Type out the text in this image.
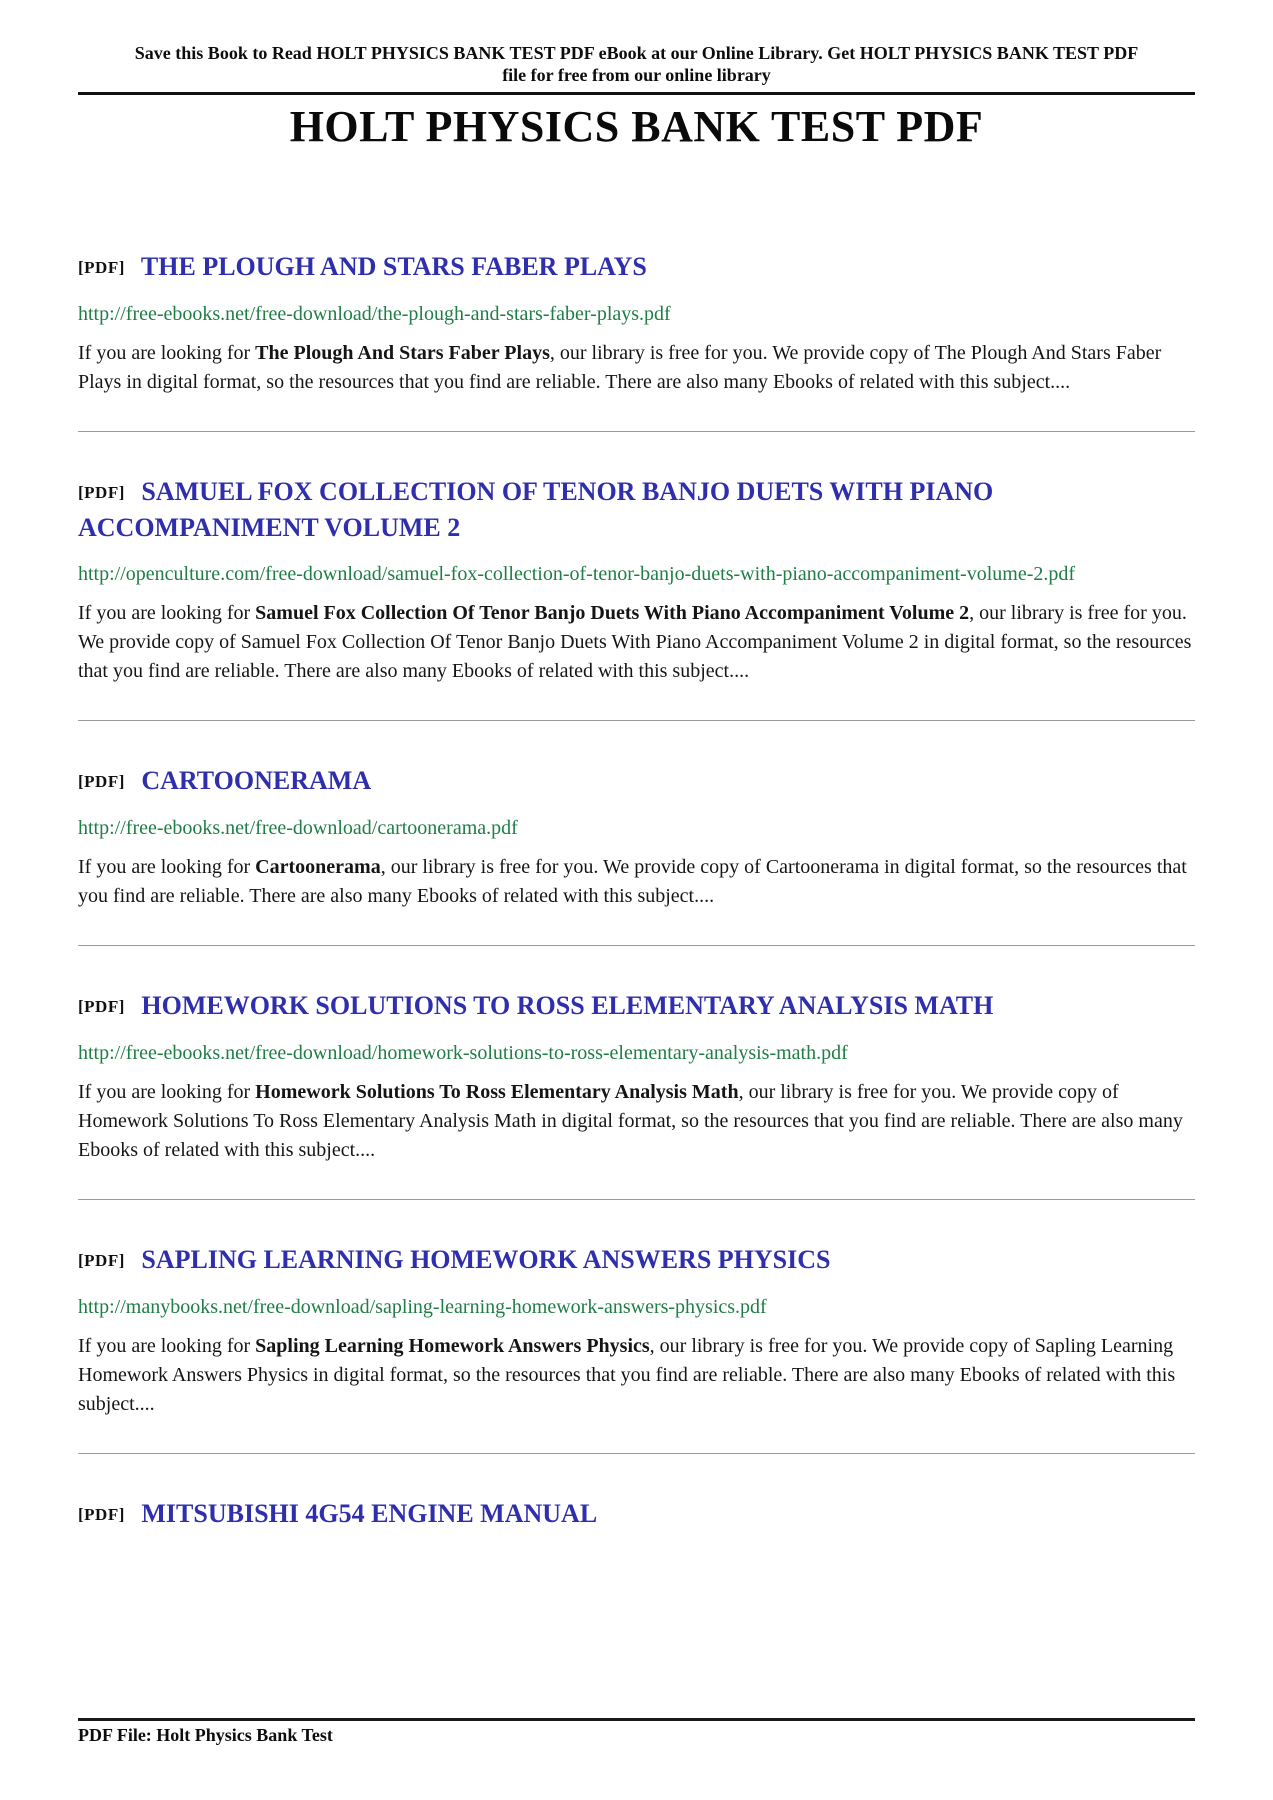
Save this Book to Read HOLT PHYSICS BANK TEST PDF eBook at our Online Library. Get HOLT PHYSICS BANK TEST PDF file for free from our online library
HOLT PHYSICS BANK TEST PDF
[PDF] THE PLOUGH AND STARS FABER PLAYS

http://free-ebooks.net/free-download/the-plough-and-stars-faber-plays.pdf

If you are looking for The Plough And Stars Faber Plays, our library is free for you. We provide copy of The Plough And Stars Faber Plays in digital format, so the resources that you find are reliable. There are also many Ebooks of related with this subject....

[PDF] SAMUEL FOX COLLECTION OF TENOR BANJO DUETS WITH PIANO ACCOMPANIMENT VOLUME 2

http://openculture.com/free-download/samuel-fox-collection-of-tenor-banjo-duets-with-piano-accompaniment-volume-2.pdf

If you are looking for Samuel Fox Collection Of Tenor Banjo Duets With Piano Accompaniment Volume 2, our library is free for you. We provide copy of Samuel Fox Collection Of Tenor Banjo Duets With Piano Accompaniment Volume 2 in digital format, so the resources that you find are reliable. There are also many Ebooks of related with this subject....

[PDF] CARTOONERAMA

http://free-ebooks.net/free-download/cartoonerama.pdf

If you are looking for Cartoonerama, our library is free for you. We provide copy of Cartoonerama in digital format, so the resources that you find are reliable. There are also many Ebooks of related with this subject....

[PDF] HOMEWORK SOLUTIONS TO ROSS ELEMENTARY ANALYSIS MATH

http://free-ebooks.net/free-download/homework-solutions-to-ross-elementary-analysis-math.pdf

If you are looking for Homework Solutions To Ross Elementary Analysis Math, our library is free for you. We provide copy of Homework Solutions To Ross Elementary Analysis Math in digital format, so the resources that you find are reliable. There are also many Ebooks of related with this subject....

[PDF] SAPLING LEARNING HOMEWORK ANSWERS PHYSICS

http://manybooks.net/free-download/sapling-learning-homework-answers-physics.pdf

If you are looking for Sapling Learning Homework Answers Physics, our library is free for you. We provide copy of Sapling Learning Homework Answers Physics in digital format, so the resources that you find are reliable. There are also many Ebooks of related with this subject....

[PDF] MITSUBISHI 4G54 ENGINE MANUAL
PDF File: Holt Physics Bank Test
